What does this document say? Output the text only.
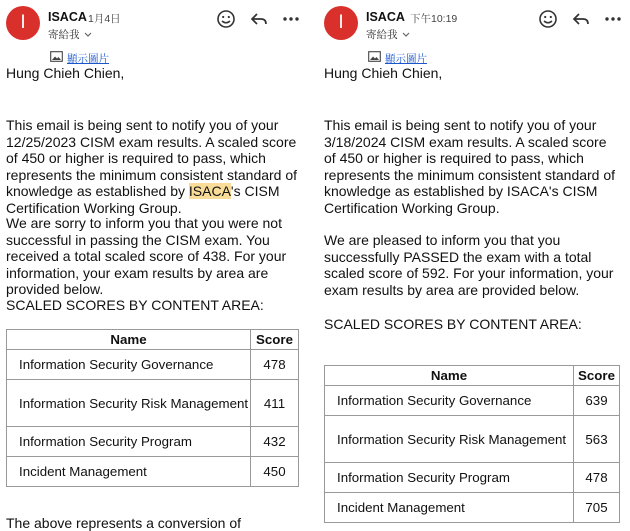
I	ISACA 1月4日
寄給我
顯示圖片
Hung Chieh Chien,
This email is being sent to notify you of your 12/25/2023 CISM exam results. A scaled score of 450 or higher is required to pass, which represents the minimum consistent standard of knowledge as established by ISACA's CISM Certification Working Group.
We are sorry to inform you that you were not successful in passing the CISM exam. You received a total scaled score of 438. For your information, your exam results by area are provided below.
SCALED SCORES BY CONTENT AREA:
Name	Score
Information Security Governance	478
Information Security Risk Management	411
Information Security Program	432
Incident Management	450
The above represents a conversion of
I	ISACA 下午10:19
寄給我
顯示圖片
Hung Chieh Chien,
This email is being sent to notify you of your 3/18/2024 CISM exam results. A scaled score of 450 or higher is required to pass, which represents the minimum consistent standard of knowledge as established by ISACA's CISM Certification Working Group.
We are pleased to inform you that you successfully PASSED the exam with a total scaled score of 592. For your information, your exam results by area are provided below.
SCALED SCORES BY CONTENT AREA:
Name	Score
Information Security Governance	639
Information Security Risk Management	563
Information Security Program	478
Incident Management	705
